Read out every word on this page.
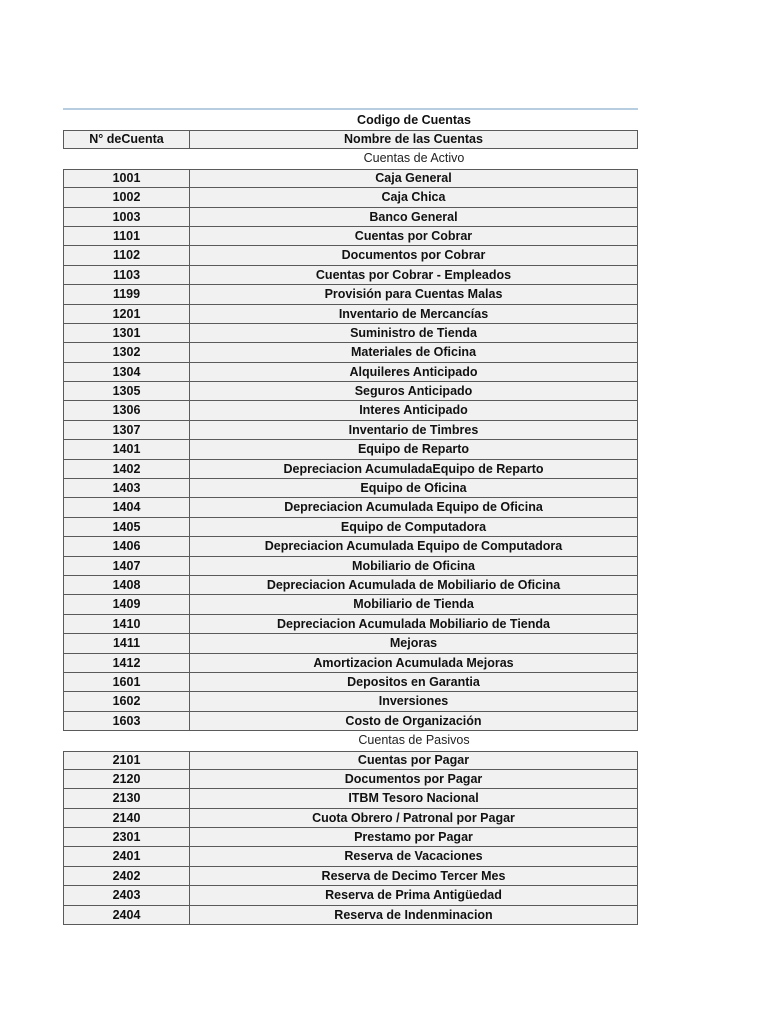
Codigo de Cuentas
N° deCuenta	Nombre de las Cuentas
Cuentas de Activo
1001	Caja General
1002	Caja Chica
1003	Banco General
1101	Cuentas por Cobrar
1102	Documentos por Cobrar
1103	Cuentas por Cobrar - Empleados
1199	Provisión para Cuentas Malas
1201	Inventario de Mercancías
1301	Suministro de Tienda
1302	Materiales de Oficina
1304	Alquileres Anticipado
1305	Seguros Anticipado
1306	Interes Anticipado
1307	Inventario de Timbres
1401	Equipo de Reparto
1402	Depreciacion AcumuladaEquipo de Reparto
1403	Equipo de Oficina
1404	Depreciacion Acumulada Equipo de Oficina
1405	Equipo de Computadora
1406	Depreciacion Acumulada Equipo de Computadora
1407	Mobiliario de Oficina
1408	Depreciacion Acumulada de Mobiliario de Oficina
1409	Mobiliario de Tienda
1410	Depreciacion Acumulada Mobiliario de Tienda
1411	Mejoras
1412	Amortizacion Acumulada Mejoras
1601	Depositos en Garantia
1602	Inversiones
1603	Costo de Organización
Cuentas de Pasivos
2101	Cuentas por Pagar
2120	Documentos por Pagar
2130	ITBM Tesoro Nacional
2140	Cuota Obrero / Patronal por Pagar
2301	Prestamo por Pagar
2401	Reserva de Vacaciones
2402	Reserva de Decimo Tercer Mes
2403	Reserva de Prima Antigüedad
2404	Reserva de Indenminacion
